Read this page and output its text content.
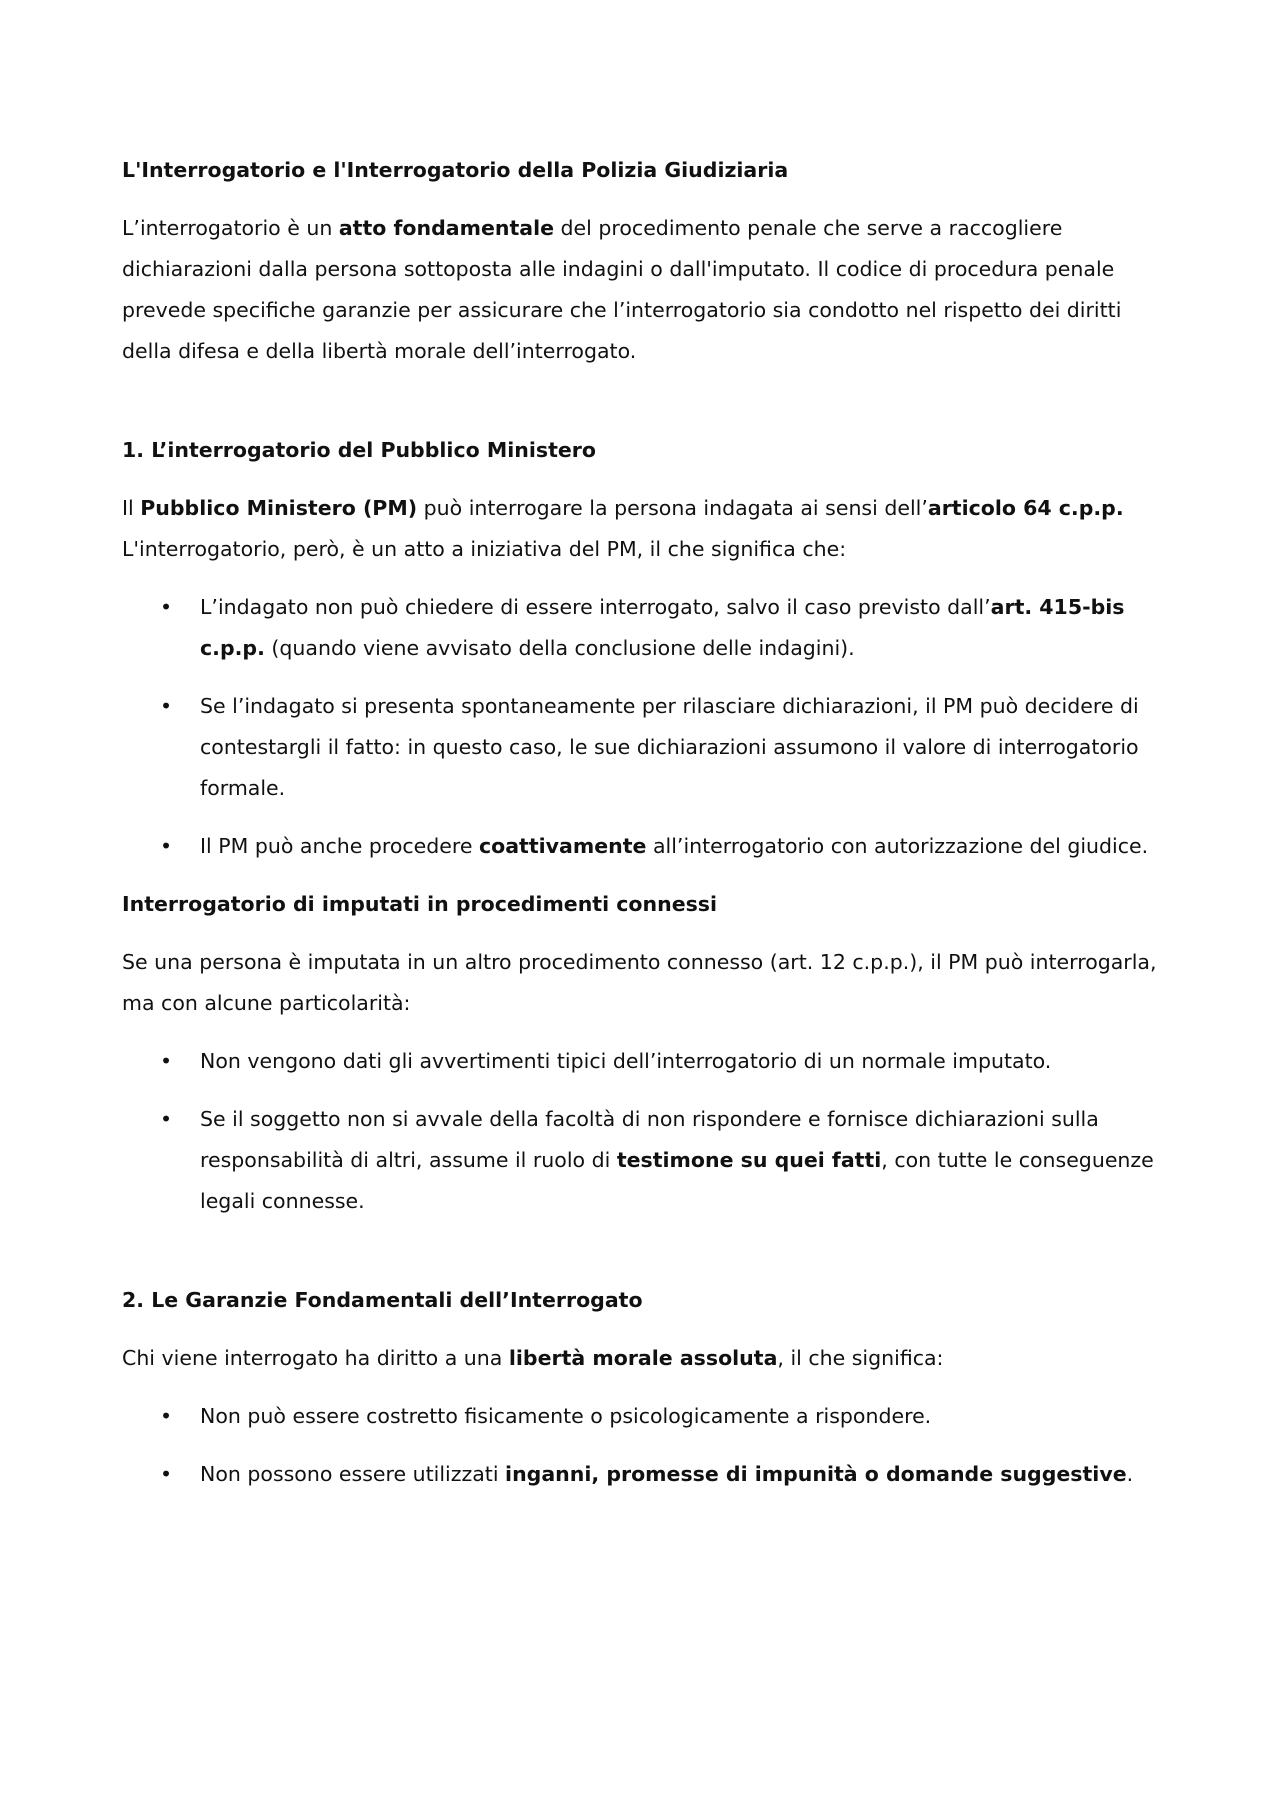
L'Interrogatorio e l'Interrogatorio della Polizia Giudiziaria

L’interrogatorio è un atto fondamentale del procedimento penale che serve a raccogliere dichiarazioni dalla persona sottoposta alle indagini o dall'imputato. Il codice di procedura penale prevede specifiche garanzie per assicurare che l’interrogatorio sia condotto nel rispetto dei diritti della difesa e della libertà morale dell’interrogato.

1. L’interrogatorio del Pubblico Ministero

Il Pubblico Ministero (PM) può interrogare la persona indagata ai sensi dell’articolo 64 c.p.p. L'interrogatorio, però, è un atto a iniziativa del PM, il che significa che:

• L’indagato non può chiedere di essere interrogato, salvo il caso previsto dall’art. 415-bis c.p.p. (quando viene avvisato della conclusione delle indagini).
• Se l’indagato si presenta spontaneamente per rilasciare dichiarazioni, il PM può decidere di contestargli il fatto: in questo caso, le sue dichiarazioni assumono il valore di interrogatorio formale.
• Il PM può anche procedere coattivamente all’interrogatorio con autorizzazione del giudice.
Interrogatorio di imputati in procedimenti connessi

Se una persona è imputata in un altro procedimento connesso (art. 12 c.p.p.), il PM può interrogarla, ma con alcune particolarità:

• Non vengono dati gli avvertimenti tipici dell’interrogatorio di un normale imputato.
• Se il soggetto non si avvale della facoltà di non rispondere e fornisce dichiarazioni sulla responsabilità di altri, assume il ruolo di testimone su quei fatti, con tutte le conseguenze legali connesse.
2. Le Garanzie Fondamentali dell’Interrogato

Chi viene interrogato ha diritto a una libertà morale assoluta, il che significa:

• Non può essere costretto fisicamente o psicologicamente a rispondere.
• Non possono essere utilizzati inganni, promesse di impunità o domande suggestive.
